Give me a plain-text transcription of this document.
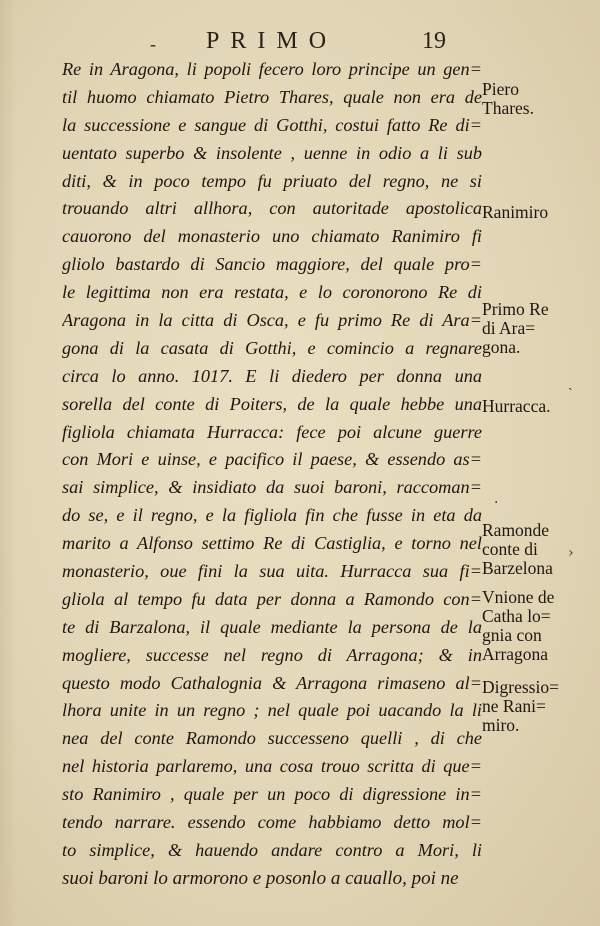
- PRIMO	19
Re in Aragona, li popoli fecero loro principe un gen=
til huomo chiamato Pietro Thares, quale non era de
la successione e sangue di Gotthi, costui fatto Re di=
uentato superbo & insolente , uenne in odio a li sub
diti, & in poco tempo fu priuato del regno, ne si
trouando altri allhora, con autoritade apostolica
cauorono del monasterio uno chiamato Ranimiro fi
gliolo bastardo di Sancio maggiore, del quale pro=
le legittima non era restata, e lo coronorono Re di
Aragona in la citta di Osca, e fu primo Re di Ara=
gona di la casata di Gotthi, e comincio a regnare
circa lo anno. 1017. E li diedero per donna una
sorella del conte di Poiters, de la quale hebbe una
figliola chiamata Hurracca: fece poi alcune guerre
con Mori e uinse, e pacifico il paese, & essendo as=
sai simplice, & insidiato da suoi baroni, raccoman=
do se, e il regno, e la figliola fin che fusse in eta da
marito a Alfonso settimo Re di Castiglia, e torno nel
monasterio, oue fini la sua uita. Hurracca sua fi=
gliola al tempo fu data per donna a Ramondo con=
te di Barzalona, il quale mediante la persona de la
mogliere, successe nel regno di Arragona; & in
questo modo Cathalognia & Arragona rimaseno al=
lhora unite in un regno ; nel quale poi uacando la li
nea del conte Ramondo successeno quelli , di che
nel historia parlaremo, una cosa trouo scritta di que=
sto Ranimiro , quale per un poco di digressione in=
tendo narrare. essendo come habbiamo detto mol=
to simplice, & hauendo andare contro a Mori, li
suoi baroni lo armorono e posonlo a cauallo, poi ne
Piero
Thares.
Ranimiro
Primo Re
di Ara=
gona.
Hurracca.
Ramonde
conte di
Barzelona
Vnione de
Catha lo=
gnia con
Arragona
Digressio=
ne Rani=
miro.
·
ˏ
›
